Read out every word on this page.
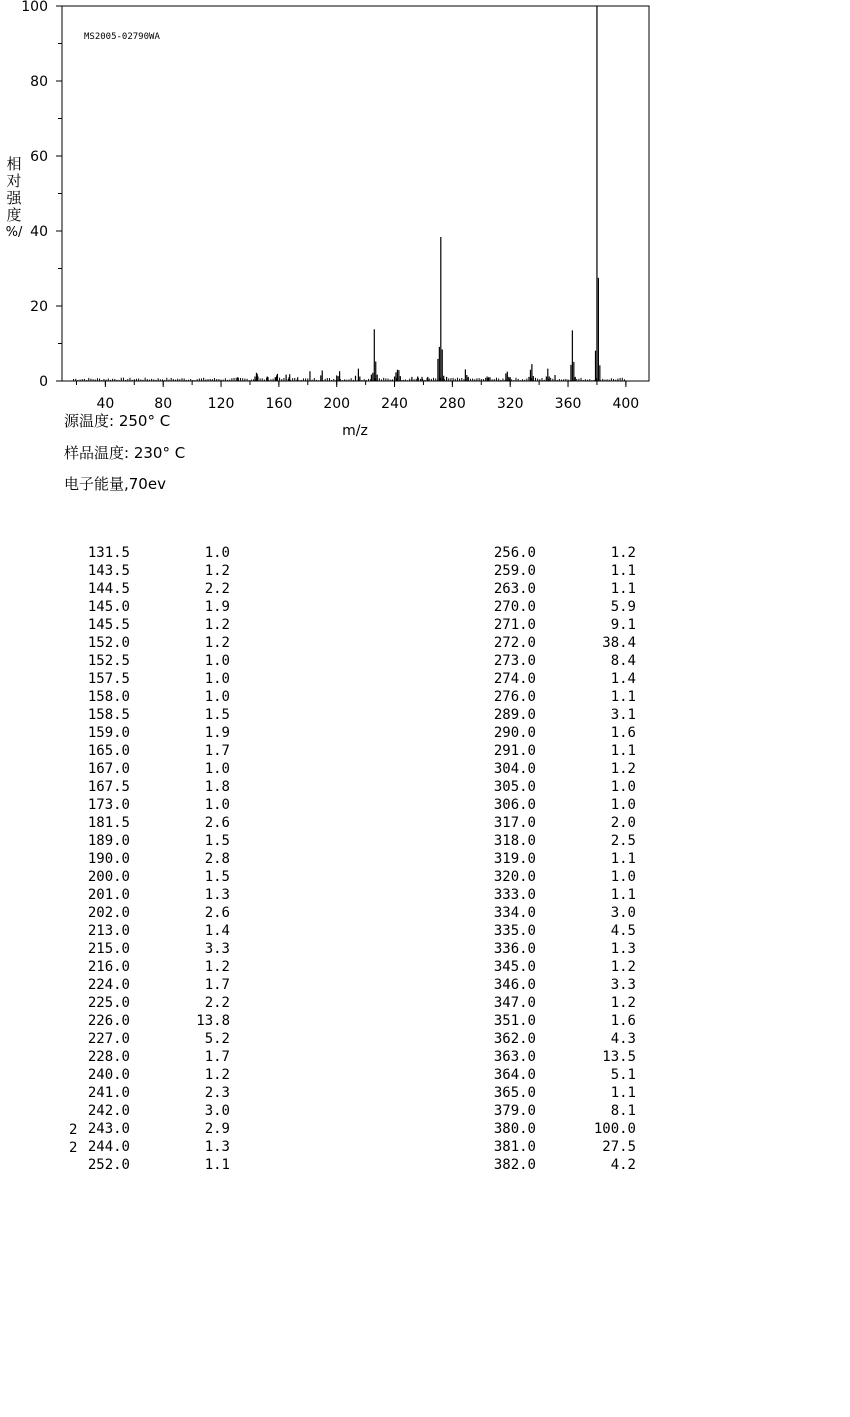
0
20
40
60
80
100
40	80	120 160 200 240 280 320 360 400
MS2005-02790WA
m/z
相
对
强
度
%/
源温度: 250° C
样品温度: 230° C
电子能量,70ev
131.5	1.0
143.5	1.2
144.5	2.2
145.0	1.9
145.5	1.2
152.0	1.2
152.5	1.0
157.5	1.0
158.0	1.0
158.5	1.5
159.0	1.9
165.0	1.7
167.0	1.0
167.5	1.8
173.0	1.0
181.5	2.6
189.0	1.5
190.0	2.8
200.0	1.5
201.0	1.3
202.0	2.6
213.0	1.4
215.0	3.3
216.0	1.2
224.0	1.7
225.0	2.2
226.0	13.8
227.0	5.2
228.0	1.7
240.0	1.2
241.0	2.3
242.0	3.0
243.0	2.9
244.0	1.3
252.0	1.1
256.0	1.2
259.0	1.1
263.0	1.1
270.0	5.9
271.0	9.1
272.0	38.4
273.0	8.4
274.0	1.4
276.0	1.1
289.0	3.1
290.0	1.6
291.0	1.1
304.0	1.2
305.0	1.0
306.0	1.0
317.0	2.0
318.0	2.5
319.0	1.1
320.0	1.0
333.0	1.1
334.0	3.0
335.0	4.5
336.0	1.3
345.0	1.2
346.0	3.3
347.0	1.2
351.0	1.6
362.0	4.3
363.0	13.5
364.0	5.1
365.0	1.1
379.0	8.1
380.0	100.0
381.0	27.5
382.0	4.2
2
2
